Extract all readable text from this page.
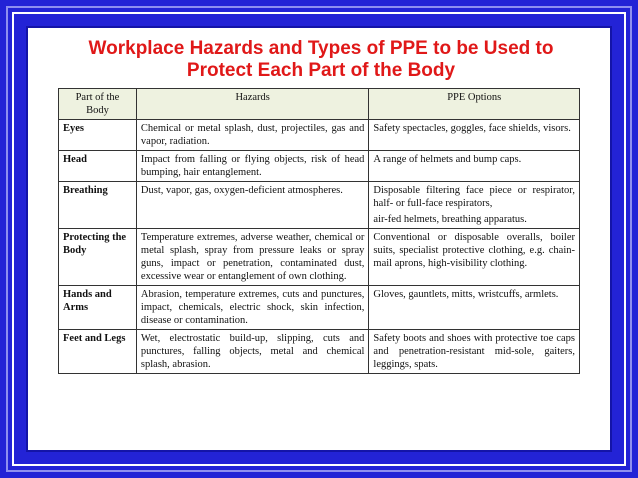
Workplace Hazards and Types of PPE to be Used to
Protect Each Part of the Body
Part of the Body	Hazards	PPE Options
Eyes	Chemical or metal splash, dust, projectiles, gas and vapor, radiation.	Safety spectacles, goggles, face shields, visors.
Head	Impact from falling or flying objects, risk of head bumping, hair entanglement.	A range of helmets and bump caps.
Breathing	Dust, vapor, gas, oxygen-deficient atmospheres.	Disposable filtering face piece or respirator, half- or full-face respirators,
air-fed helmets, breathing apparatus.

Protecting the Body	Temperature extremes, adverse weather, chemical or metal splash, spray from pressure leaks or spray guns, impact or penetration, contaminated dust, excessive wear or entanglement of own clothing.	Conventional or disposable overalls, boiler suits, specialist protective clothing, e.g. chain-mail aprons, high-visibility clothing.
Hands and Arms	Abrasion, temperature extremes, cuts and punctures, impact, chemicals, electric shock, skin infection, disease or contamination.	Gloves, gauntlets, mitts, wristcuffs, armlets.
Feet and Legs	Wet, electrostatic build-up, slipping, cuts and punctures, falling objects, metal and chemical splash, abrasion.	Safety boots and shoes with protective toe caps and penetration-resistant mid-sole, gaiters, leggings, spats.
